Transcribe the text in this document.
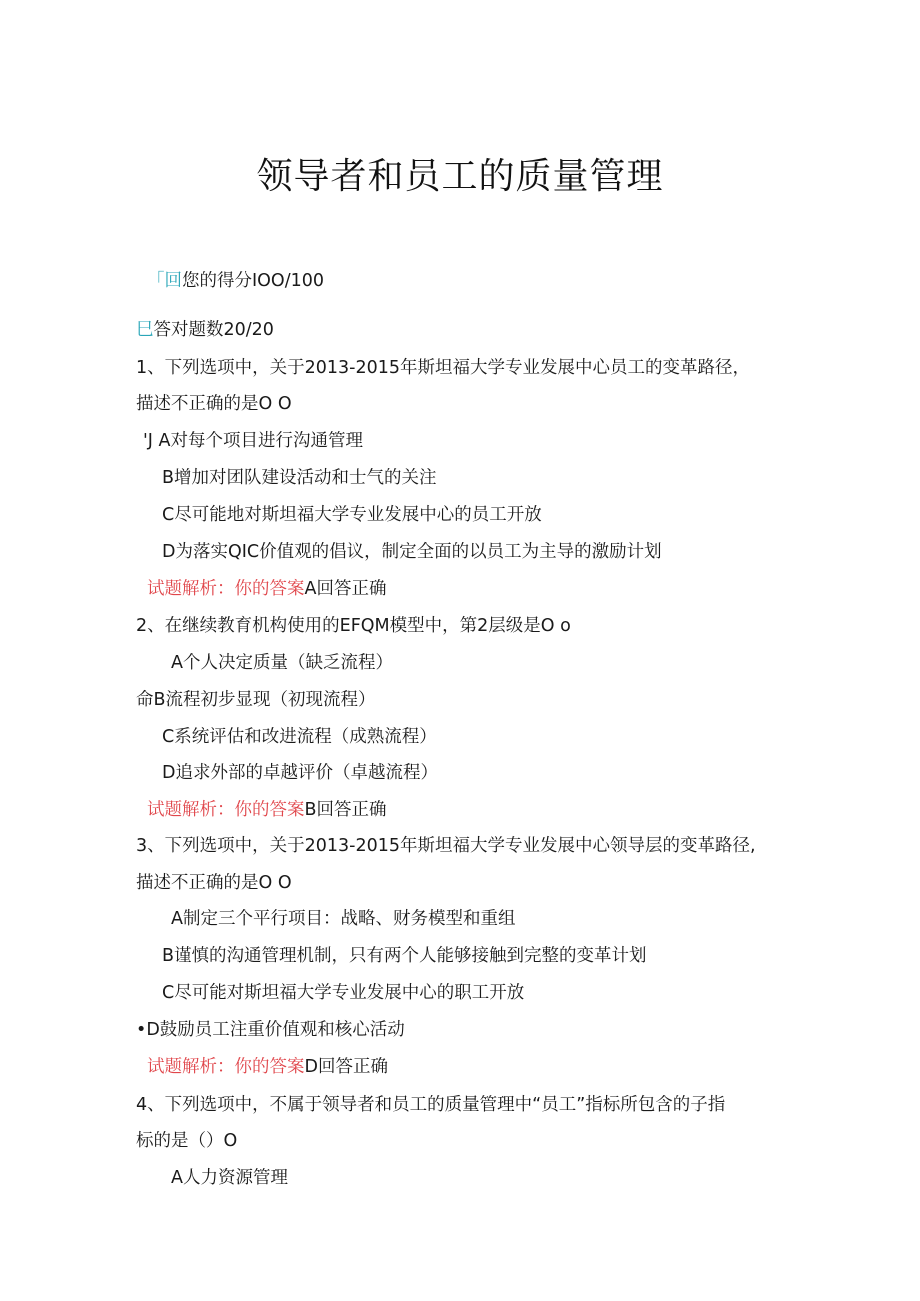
领导者和员工的质量管理
「回您的得分IOO/100
巳答对题数20/20
1、下列选项中，关于2013-2015年斯坦福大学专业发展中心员工的变革路径，
描述不正确的是O O
'J A对每个项目进行沟通管理
B增加对团队建设活动和士气的关注
C尽可能地对斯坦福大学专业发展中心的员工开放
D为落实QIC价值观的倡议，制定全面的以员工为主导的激励计划
试题解析：你的答案A回答正确
2、在继续教育机构使用的EFQM模型中，第2层级是O o
A个人决定质量（缺乏流程）
命B流程初步显现（初现流程）
C系统评估和改进流程（成熟流程）
D追求外部的卓越评价（卓越流程）
试题解析：你的答案B回答正确
3、下列选项中，关于2013-2015年斯坦福大学专业发展中心领导层的变革路径,
描述不正确的是O O
A制定三个平行项目：战略、财务模型和重组
B谨慎的沟通管理机制，只有两个人能够接触到完整的变革计划
C尽可能对斯坦福大学专业发展中心的职工开放
•D鼓励员工注重价值观和核心活动
试题解析：你的答案D回答正确
4、下列选项中，不属于领导者和员工的质量管理中“员工”指标所包含的子指
标的是（）O
A人力资源管理
